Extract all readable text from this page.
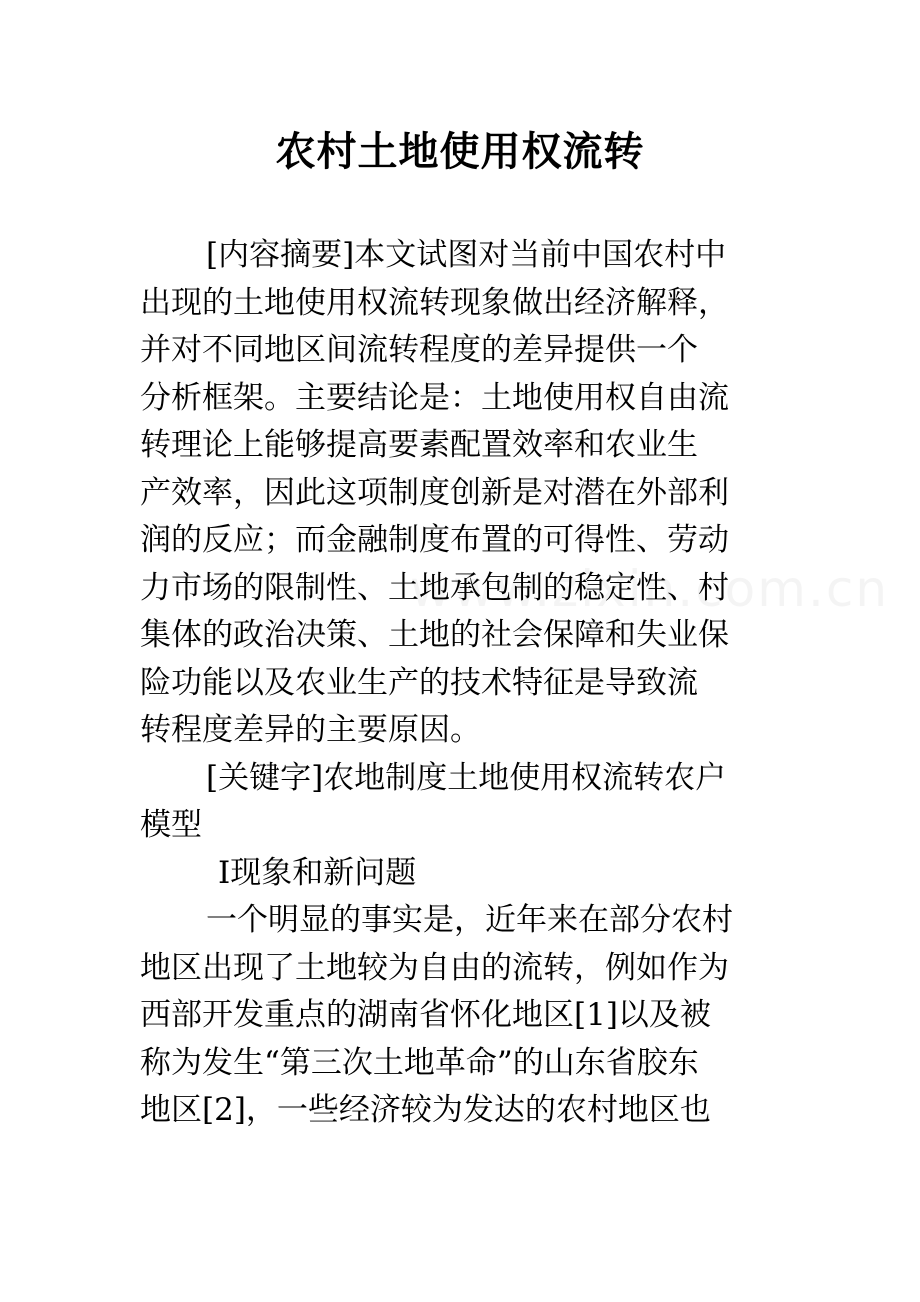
农村土地使用权流转
[内容摘要]本文试图对当前中国农村中
出现的土地使用权流转现象做出经济解释，
并对不同地区间流转程度的差异提供一个
分析框架。主要结论是：土地使用权自由流
转理论上能够提高要素配置效率和农业生
产效率，因此这项制度创新是对潜在外部利
润的反应；而金融制度布置的可得性、劳动
力市场的限制性、土地承包制的稳定性、村
集体的政治决策、土地的社会保障和失业保
险功能以及农业生产的技术特征是导致流
转程度差异的主要原因。
[关键字]农地制度土地使用权流转农户
模型
Ⅰ现象和新问题
一个明显的事实是，近年来在部分农村
地区出现了土地较为自由的流转，例如作为
西部开发重点的湖南省怀化地区[1]以及被
称为发生“第三次土地革命”的山东省胶东
地区[2]，一些经济较为发达的农村地区也
